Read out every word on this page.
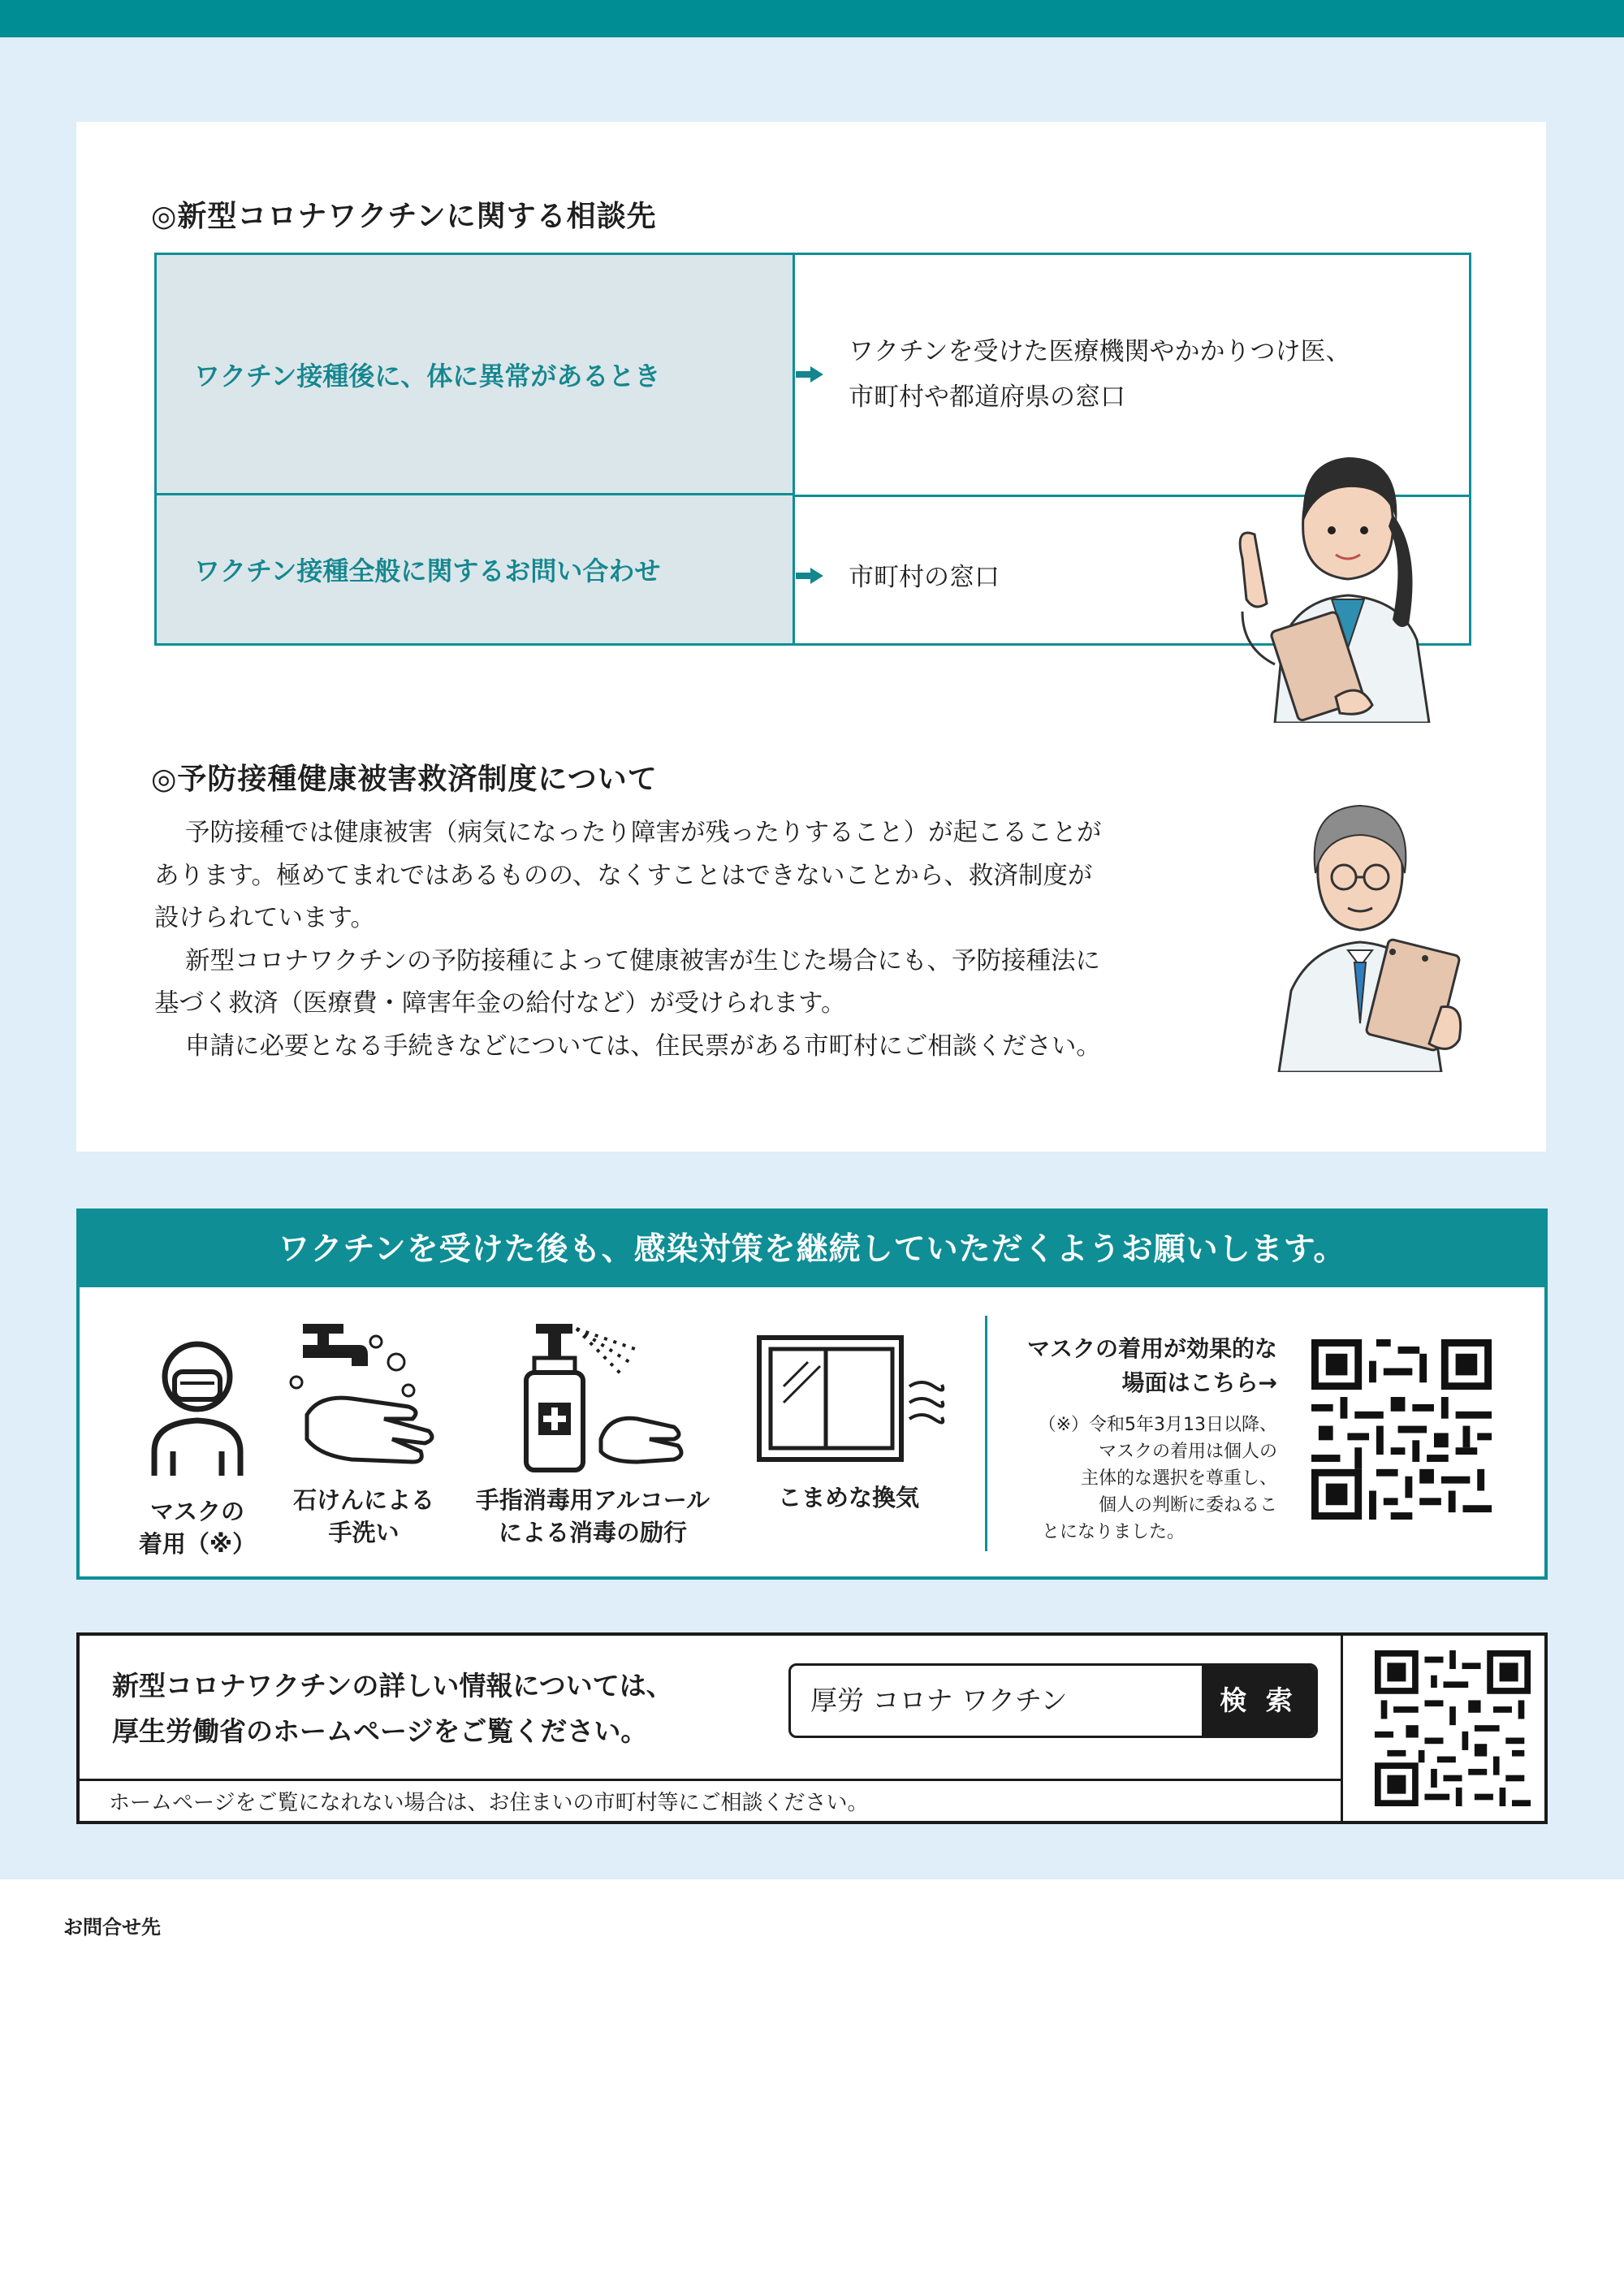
◎新型コロナワクチンに関する相談先
ワクチン接種後に、体に異常があるとき
ワクチン接種全般に関するお問い合わせ
ワクチンを受けた医療機関やかかりつけ医、
市町村や都道府県の窓口
市町村の窓口
◎予防接種健康被害救済制度について

予防接種では健康被害（病気になったり障害が残ったりすること）が起こることが

あります。極めてまれではあるものの、なくすことはできないことから、救済制度が

設けられています。

新型コロナワクチンの予防接種によって健康被害が生じた場合にも、予防接種法に

基づく救済（医療費・障害年金の給付など）が受けられます。

申請に必要となる手続きなどについては、住民票がある市町村にご相談ください。

ワクチンを受けた後も、感染対策を継続していただくようお願いします。
マスクの
着用（※）
石けんによる
手洗い
手指消毒用アルコール
による消毒の励行
こまめな換気
マスクの着用が効果的な
場面はこちら→
（※）令和5年3月13日以降、
マスクの着用は個人の
主体的な選択を尊重し、
個人の判断に委ねるこ
とになりました。
新型コロナワクチンの詳しい情報については、
厚生労働省のホームページをご覧ください。
厚労 コロナ ワクチン	検 索
ホームページをご覧になれない場合は、お住まいの市町村等にご相談ください。
お問合せ先
